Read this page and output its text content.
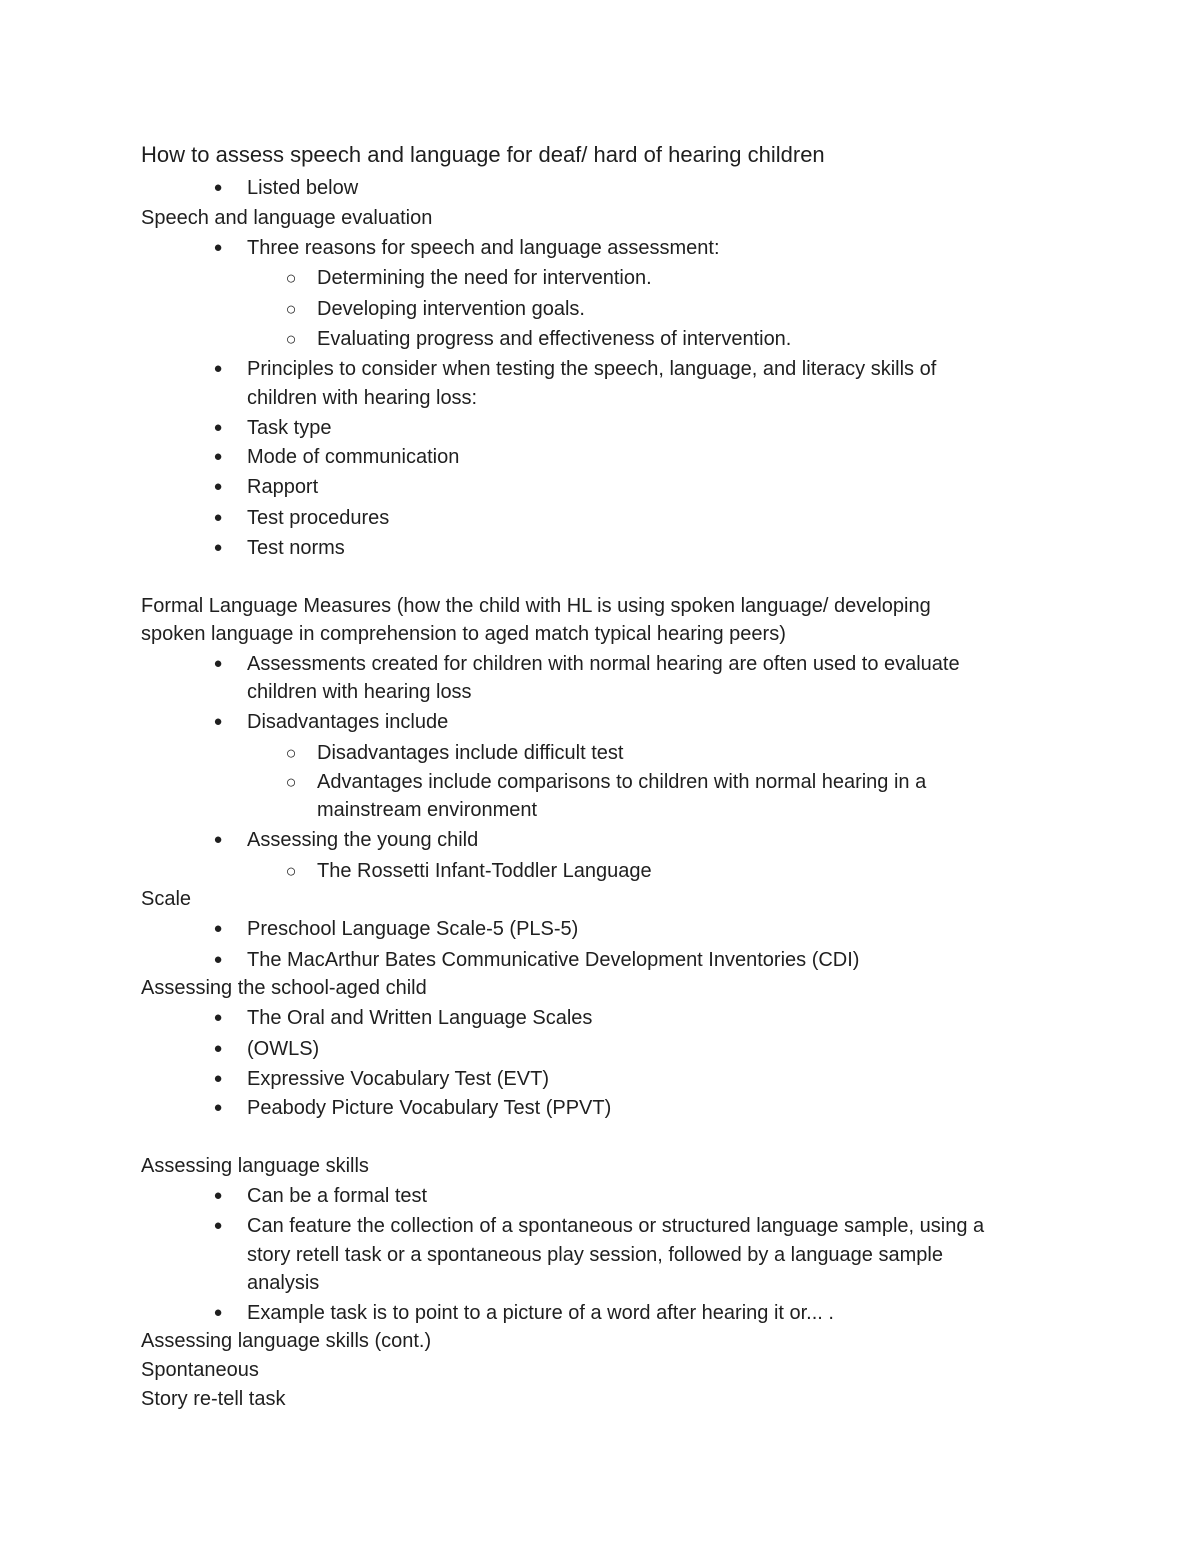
How to assess speech and language for deaf/ hard of hearing children
● Listed below
Speech and language evaluation
● Three reasons for speech and language assessment:
○ Determining the need for intervention.
○ Developing intervention goals.
○ Evaluating progress and effectiveness of intervention.
● Principles to consider when testing the speech, language, and literacy skills of
children with hearing loss:
● Task type
● Mode of communication
● Rapport
● Test procedures
● Test norms
Formal Language Measures (how the child with HL is using spoken language/ developing
spoken language in comprehension to aged match typical hearing peers)
● Assessments created for children with normal hearing are often used to evaluate
children with hearing loss
● Disadvantages include
○ Disadvantages include difficult test
○ Advantages include comparisons to children with normal hearing in a
mainstream environment
● Assessing the young child
○ The Rossetti Infant-Toddler Language
Scale
● Preschool Language Scale-5 (PLS-5)
● The MacArthur Bates Communicative Development Inventories (CDI)
Assessing the school-aged child
● The Oral and Written Language Scales
● (OWLS)
● Expressive Vocabulary Test (EVT)
● Peabody Picture Vocabulary Test (PPVT)
Assessing language skills
● Can be a formal test
● Can feature the collection of a spontaneous or structured language sample, using a
story retell task or a spontaneous play session, followed by a language sample
analysis
● Example task is to point to a picture of a word after hearing it or... .
Assessing language skills (cont.)
Spontaneous
Story re-tell task
